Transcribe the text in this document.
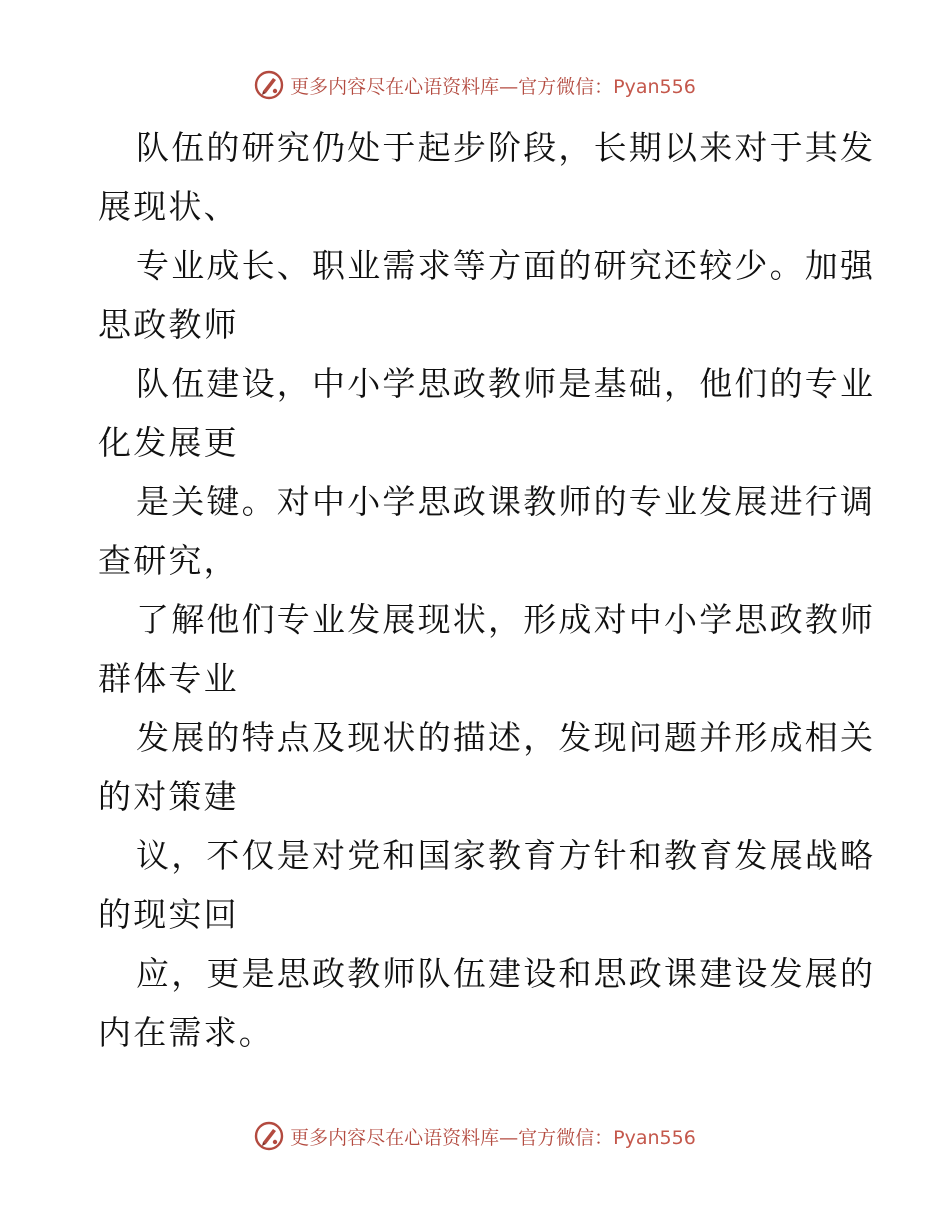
更多内容尽在心语资料库—官方微信：Pyan556
队伍的研究仍处于起步阶段，长期以来对于其发
展现状、
专业成长、职业需求等方面的研究还较少。加强
思政教师
队伍建设，中小学思政教师是基础，他们的专业
化发展更
是关键。对中小学思政课教师的专业发展进行调
查研究，
了解他们专业发展现状，形成对中小学思政教师
群体专业
发展的特点及现状的描述，发现问题并形成相关
的对策建
议，不仅是对党和国家教育方针和教育发展战略
的现实回
应，更是思政教师队伍建设和思政课建设发展的
内在需求。
更多内容尽在心语资料库—官方微信：Pyan556
